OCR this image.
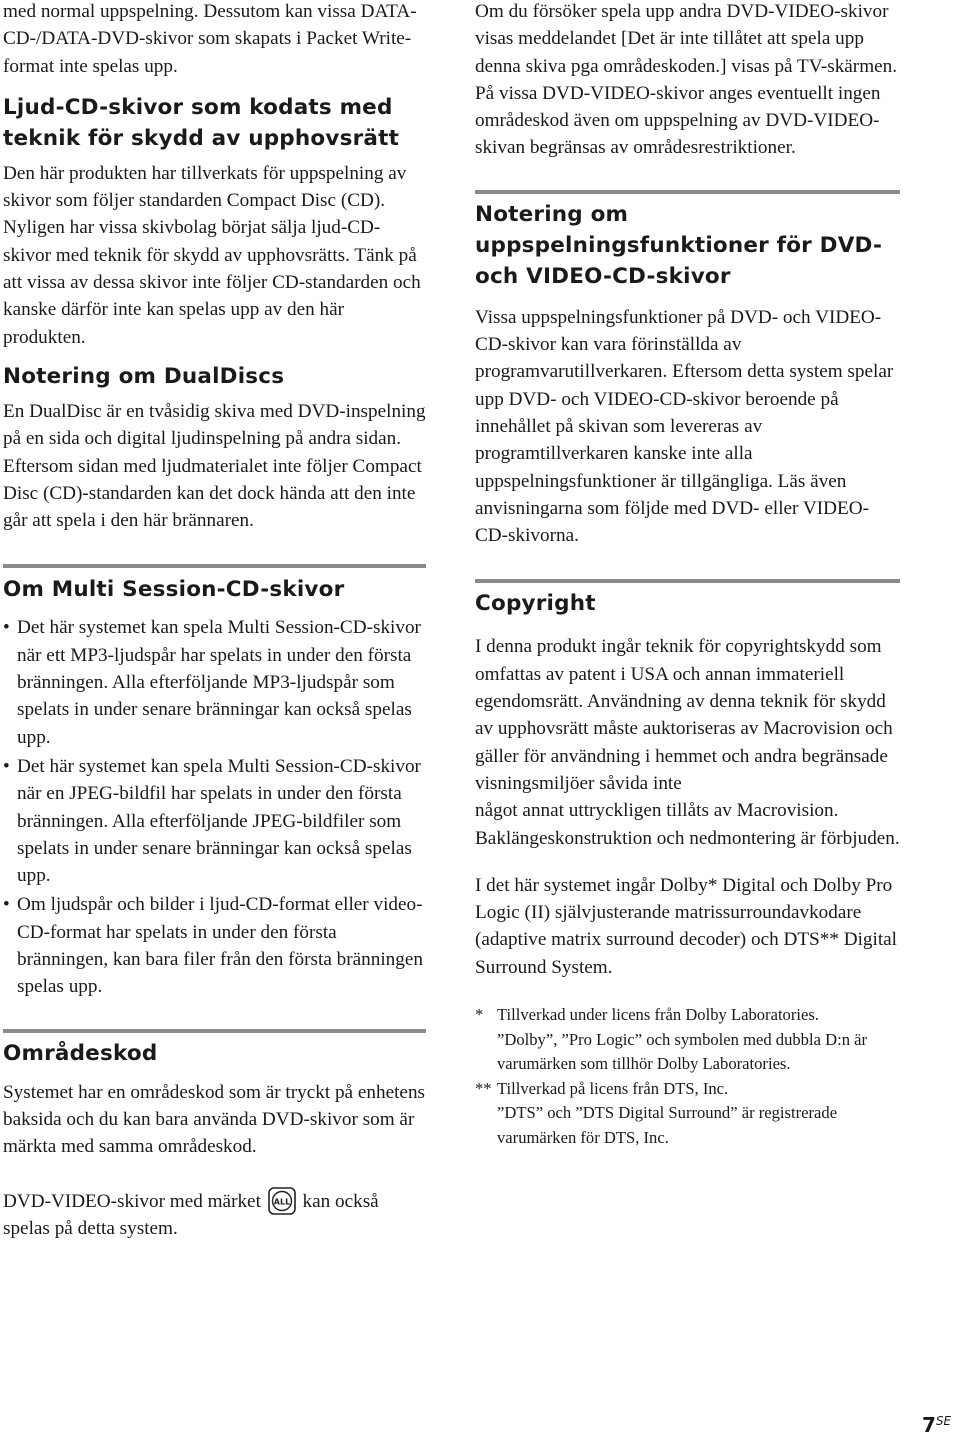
med normal uppspelning. Dessutom kan vissa DATA-CD-/DATA-DVD-skivor som skapats i Packet Write-format inte spelas upp.

Ljud-CD-skivor som kodats med teknik för skydd av upphovsrätt

Den här produkten har tillverkats för uppspelning av skivor som följer standarden Compact Disc (CD).

Nyligen har vissa skivbolag börjat sälja ljud-CD-skivor med teknik för skydd av upphovsrätts. Tänk på att vissa av dessa skivor inte följer CD-standarden och kanske därför inte kan spelas upp av den här produkten.

Notering om DualDiscs

En DualDisc är en tvåsidig skiva med DVD-inspelning på en sida och digital ljudinspelning på andra sidan.

Eftersom sidan med ljudmaterialet inte följer Compact Disc (CD)-standarden kan det dock hända att den inte går att spela i den här brännaren.

Om Multi Session-CD-skivor
• Det här systemet kan spela Multi Session-CD-skivor när ett MP3-ljudspår har spelats in under den första bränningen. Alla efterföljande MP3-ljudspår som spelats in under senare bränningar kan också spelas upp.
• Det här systemet kan spela Multi Session-CD-skivor när en JPEG-bildfil har spelats in under den första bränningen. Alla efterföljande JPEG-bildfiler som spelats in under senare bränningar kan också spelas upp.
• Om ljudspår och bilder i ljud-CD-format eller video-CD-format har spelats in under den första bränningen, kan bara filer från den första bränningen spelas upp.
Områdeskod

Systemet har en områdeskod som är tryckt på enhetens baksida och du kan bara använda DVD-skivor som är märkta med samma områdeskod.

DVD-VIDEO-skivor med märket ALL kan också spelas på detta system.

Om du försöker spela upp andra DVD-VIDEO-skivor visas meddelandet [Det är inte tillåtet att spela upp denna skiva pga områdeskoden.] visas på TV-skärmen. På vissa DVD-VIDEO-skivor anges eventuellt ingen områdeskod även om uppspelning av DVD-VIDEO-skivan begränsas av områdesrestriktioner.

Notering om uppspelningsfunktioner för DVD- och VIDEO-CD-skivor

Vissa uppspelningsfunktioner på DVD- och VIDEO-CD-skivor kan vara förinställda av programvarutillverkaren. Eftersom detta system spelar upp DVD- och VIDEO-CD-skivor beroende på innehållet på skivan som levereras av programtillverkaren kanske inte alla uppspelningsfunktioner är tillgängliga. Läs även anvisningarna som följde med DVD- eller VIDEO-CD-skivorna.

Copyright

I denna produkt ingår teknik för copyrightskydd som omfattas av patent i USA och annan immateriell egendomsrätt. Användning av denna teknik för skydd av upphovsrätt måste auktoriseras av Macrovision och gäller för användning i hemmet och andra begränsade visningsmiljöer såvida inte

något annat uttryckligen tillåts av Macrovision. Baklängeskonstruktion och nedmontering är förbjuden.

I det här systemet ingår Dolby* Digital och Dolby Pro Logic (II) självjusterande matrissurroundavkodare (adaptive matrix surround decoder) och DTS** Digital Surround System.

* Tillverkad under licens från Dolby Laboratories.
”Dolby”, ”Pro Logic” och symbolen med dubbla D:n är varumärken som tillhör Dolby Laboratories.
** Tillverkad på licens från DTS, Inc.
”DTS” och ”DTS Digital Surround” är registrerade varumärken för DTS, Inc.
$7^{SE}$
